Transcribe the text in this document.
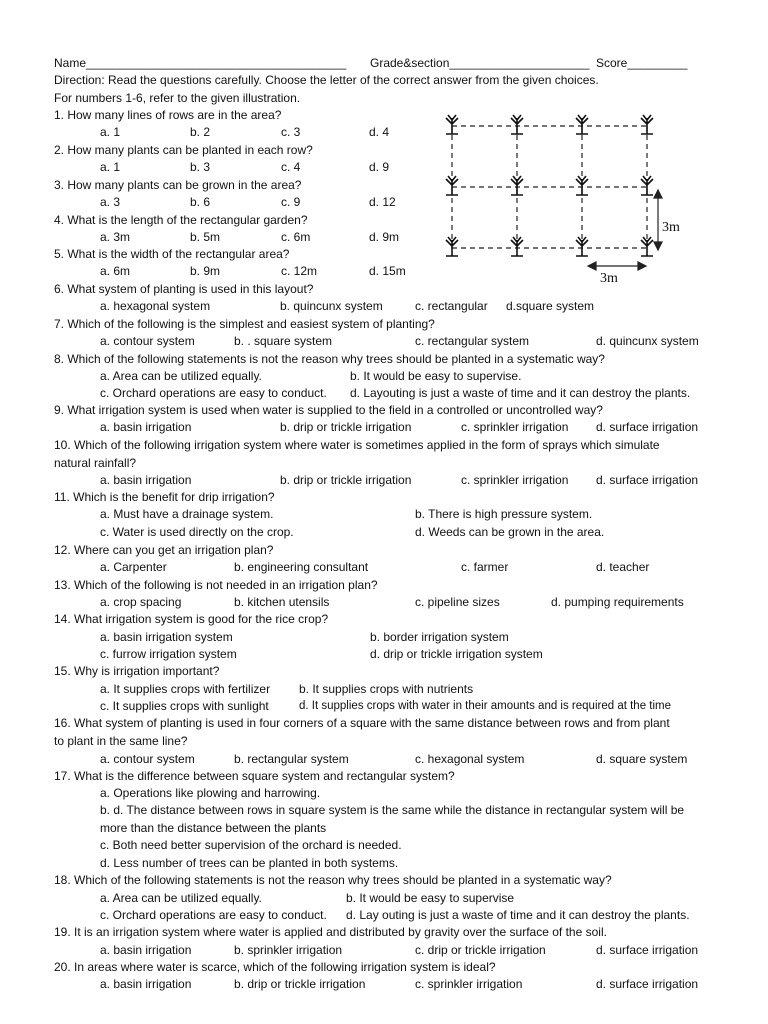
Name_______________________________________ Grade&section_____________________ Score_________
Direction: Read the questions carefully. Choose the letter of the correct answer from the given choices.
For numbers 1-6, refer to the given illustration.
1. How many lines of rows are in the area?
a. 1	b. 2	c. 3	d. 4
2. How many plants can be planted in each row?
a. 1	b. 3	c. 4	d. 9
3. How many plants can be grown in the area?
a. 3	b. 6	c. 9	d. 12
4. What is the length of the rectangular garden?
a. 3m	b. 5m	c. 6m	d. 9m
5. What is the width of the rectangular area?
a. 6m	b. 9m	c. 12m	d. 15m
3m
3m
6. What system of planting is used in this layout?
a. hexagonal system	b. quincunx system	c. rectangular d.square system
7. Which of the following is the simplest and easiest system of planting?
a. contour system	b. . square system	c. rectangular system	d. quincunx system
8. Which of the following statements is not the reason why trees should be planted in a systematic way?
a. Area can be utilized equally.	b. It would be easy to supervise.
c. Orchard operations are easy to conduct. d. Layouting is just a waste of time and it can destroy the plants.
9. What irrigation system is used when water is supplied to the field in a controlled or uncontrolled way?
a. basin irrigation	b. drip or trickle irrigation	c. sprinkler irrigation d. surface irrigation
10. Which of the following irrigation system where water is sometimes applied in the form of sprays which simulate
natural rainfall?
a. basin irrigation	b. drip or trickle irrigation	c. sprinkler irrigation d. surface irrigation
11. Which is the benefit for drip irrigation?
a. Must have a drainage system.	b. There is high pressure system.
c. Water is used directly on the crop.	d. Weeds can be grown in the area.
12. Where can you get an irrigation plan?
a. Carpenter	b. engineering consultant	c. farmer	d. teacher
13. Which of the following is not needed in an irrigation plan?
a. crop spacing	b. kitchen utensils	c. pipeline sizes	d. pumping requirements
14. What irrigation system is good for the rice crop?
a. basin irrigation system	b. border irrigation system
c. furrow irrigation system	d. drip or trickle irrigation system
15. Why is irrigation important?
a. It supplies crops with fertilizer b. It supplies crops with nutrients
c. It supplies crops with sunlight	d. It supplies crops with water in their amounts and is required at the time
16. What system of planting is used in four corners of a square with the same distance between rows and from plant
to plant in the same line?
a. contour system	b. rectangular system	c. hexagonal system	d. square system
17. What is the difference between square system and rectangular system?
a. Operations like plowing and harrowing.
b. d. The distance between rows in square system is the same while the distance in rectangular system will be
more than the distance between the plants
c. Both need better supervision of the orchard is needed.
d. Less number of trees can be planted in both systems.
18. Which of the following statements is not the reason why trees should be planted in a systematic way?
a. Area can be utilized equally.	b. It would be easy to supervise
c. Orchard operations are easy to conduct. d. Lay outing is just a waste of time and it can destroy the plants.
19. It is an irrigation system where water is applied and distributed by gravity over the surface of the soil.
a. basin irrigation	b. sprinkler irrigation	c. drip or trickle irrigation	d. surface irrigation
20. In areas where water is scarce, which of the following irrigation system is ideal?
a. basin irrigation	b. drip or trickle irrigation	c. sprinkler irrigation	d. surface irrigation
